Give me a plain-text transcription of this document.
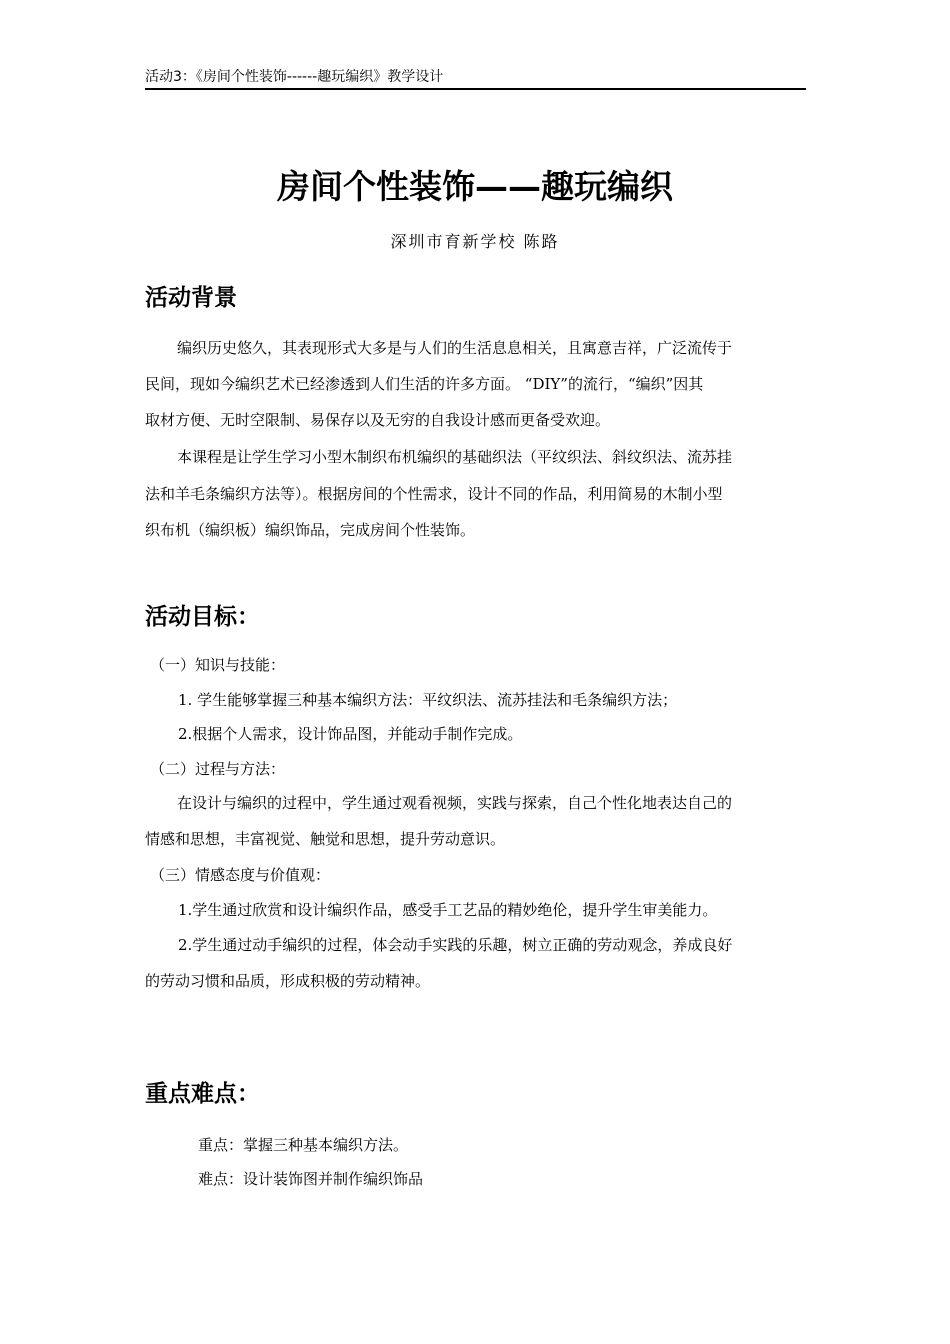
活动3：《房间个性装饰------趣玩编织》教学设计
房间个性装饰——趣玩编织
深圳市育新学校 陈路
活动背景
编织历史悠久，其表现形式大多是与人们的生活息息相关，且寓意吉祥，广泛流传于
民间，现如今编织艺术已经渗透到人们生活的许多方面。 “DIY”的流行，“编织”因其
取材方便、无时空限制、易保存以及无穷的自我设计感而更备受欢迎。
本课程是让学生学习小型木制织布机编织的基础织法（平纹织法、斜纹织法、流苏挂
法和羊毛条编织方法等）。根据房间的个性需求，设计不同的作品，利用简易的木制小型
织布机（编织板）编织饰品，完成房间个性装饰。
活动目标：
（一）知识与技能：
1. 学生能够掌握三种基本编织方法：平纹织法、流苏挂法和毛条编织方法；
2.根据个人需求，设计饰品图，并能动手制作完成。
（二）过程与方法：
在设计与编织的过程中，学生通过观看视频，实践与探索，自己个性化地表达自己的
情感和思想，丰富视觉、触觉和思想，提升劳动意识。
（三）情感态度与价值观：
1.学生通过欣赏和设计编织作品，感受手工艺品的精妙绝伦，提升学生审美能力。
2.学生通过动手编织的过程，体会动手实践的乐趣，树立正确的劳动观念，养成良好
的劳动习惯和品质，形成积极的劳动精神。
重点难点：
重点：掌握三种基本编织方法。
难点：设计装饰图并制作编织饰品
